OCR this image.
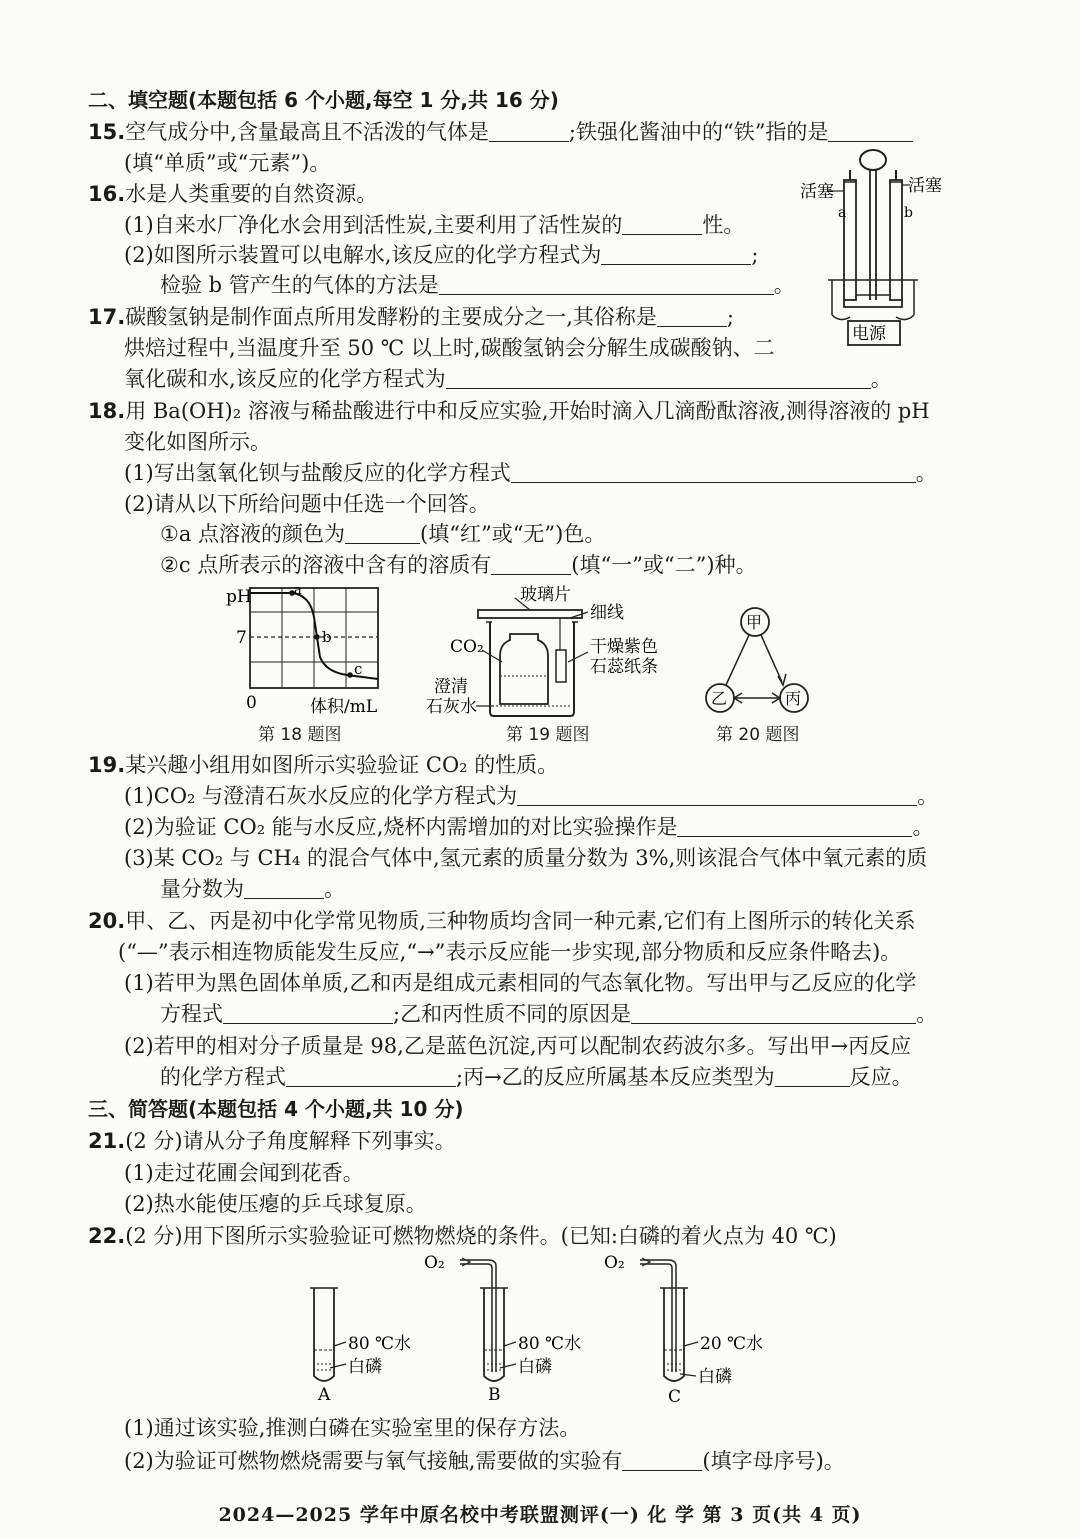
二、填空题(本题包括 6 个小题,每空 1 分,共 16 分)
15.空气成分中,含量最高且不活泼的气体是	;铁强化酱油中的“铁”指的是
(填“单质”或“元素”)。
16.水是人类重要的自然资源。
(1)自来水厂净化水会用到活性炭,主要利用了活性炭的	性。
(2)如图所示装置可以电解水,该反应的化学方程式为	;
检验 b 管产生的气体的方法是	。
电源
活塞	活塞
a	b
17.碳酸氢钠是制作面点所用发酵粉的主要成分之一,其俗称是	;
烘焙过程中,当温度升至 50 ℃ 以上时,碳酸氢钠会分解生成碳酸钠、二
氧化碳和水,该反应的化学方程式为	。
18.用 Ba(OH)₂ 溶液与稀盐酸进行中和反应实验,开始时滴入几滴酚酞溶液,测得溶液的 pH
变化如图所示。
(1)写出氢氧化钡与盐酸反应的化学方程式	。
(2)请从以下所给问题中任选一个回答。
①a 点溶液的颜色为	(填“红”或“无”)色。
②c 点所表示的溶液中含有的溶质有	(填“一”或“二”)种。
pH
7
0	体积/mL
a
b
c
第 18 题图
玻璃片
细线
干燥紫色
石蕊纸条
CO₂
澄清
石灰水
第 19 题图
甲
乙	丙
第 20 题图
19.某兴趣小组用如图所示实验验证 CO₂ 的性质。
(1)CO₂ 与澄清石灰水反应的化学方程式为	。
(2)为验证 CO₂ 能与水反应,烧杯内需增加的对比实验操作是	。
(3)某 CO₂ 与 CH₄ 的混合气体中,氢元素的质量分数为 3%,则该混合气体中氧元素的质
量分数为	。
20.甲、乙、丙是初中化学常见物质,三种物质均含同一种元素,它们有上图所示的转化关系
(“—”表示相连物质能发生反应,“→”表示反应能一步实现,部分物质和反应条件略去)。
(1)若甲为黑色固体单质,乙和丙是组成元素相同的气态氧化物。写出甲与乙反应的化学
方程式	;乙和丙性质不同的原因是	。
(2)若甲的相对分子质量是 98,乙是蓝色沉淀,丙可以配制农药波尔多。写出甲→丙反应
的化学方程式	;丙→乙的反应所属基本反应类型为	反应。
三、简答题(本题包括 4 个小题,共 10 分)
21.(2 分)请从分子角度解释下列事实。
(1)走过花圃会闻到花香。
(2)热水能使压瘪的乒乓球复原。
22.(2 分)用下图所示实验验证可燃物燃烧的条件。(已知:白磷的着火点为 40 ℃)
80 ℃水
白磷
A
O₂
80 ℃水
白磷
B
O₂
20 ℃水
白磷
C
(1)通过该实验,推测白磷在实验室里的保存方法。
(2)为验证可燃物燃烧需要与氧气接触,需要做的实验有	(填字母序号)。
2024—2025 学年中原名校中考联盟测评(一) 化 学 第 3 页(共 4 页)
